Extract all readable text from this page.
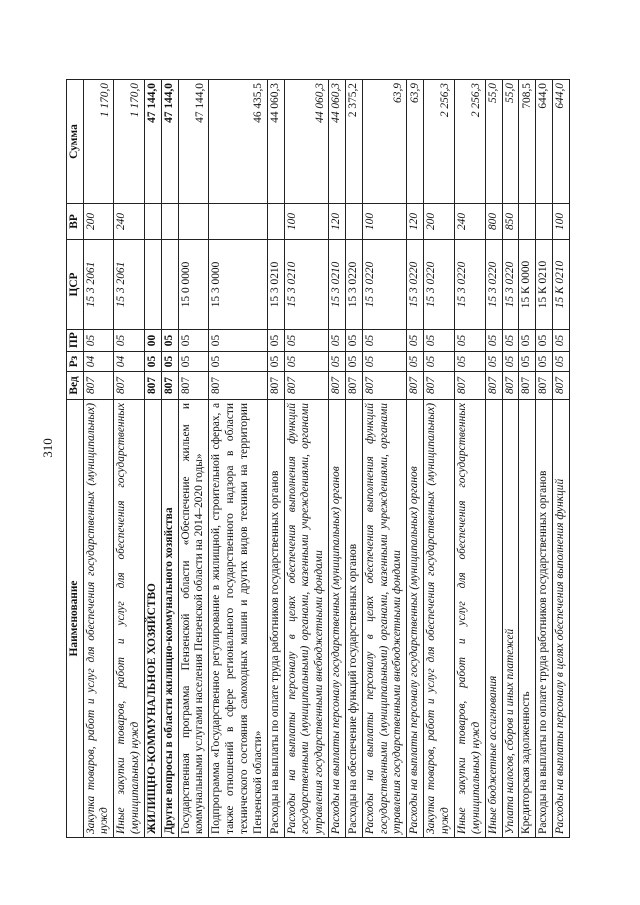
310
Наименование	Вед	Рз	ПР	ЦСР	ВР	Сумма
Закупка товаров, работ и услуг для обеспечения государственных (муниципальных) нужд	807	04	05	15 3 2061	200	1 170,0
Иные закупки товаров, работ и услуг для обеспечения государственных (муниципальных) нужд	807	04	05	15 3 2061	240	1 170,0
ЖИЛИЩНО-КОММУНАЛЬНОЕ ХОЗЯЙСТВО	807	05	00			47 144,0
Другие вопросы в области жилищно-коммунального хозяйства	807	05	05			47 144,0
Государственная программа Пензенской области «Обеспечение жильем и коммунальными услугами населения Пензенской области на 2014–2020 годы»	807	05	05	15 0 0000		47 144,0
Подпрограмма «Государственное регулирование в жилищной, строительной сферах, а также отношений в сфере регионального государственного надзора в области технического состояния самоходных машин и других видов техники на территории Пензенской области»	807	05	05	15 3 0000		46 435,5
Расходы на выплаты по оплате труда работников государственных органов	807	05	05	15 3 0210		44 060,3
Расходы на выплаты персоналу в целях обеспечения выполнения функций государственными (муниципальными) органами, казенными учреждениями, органами управления государственными внебюджетными фондами	807	05	05	15 3 0210	100	44 060,3
Расходы на выплаты персоналу государственных (муниципальных) органов	807	05	05	15 3 0210	120	44 060,3
Расходы на обеспечение функций государственных органов	807	05	05	15 3 0220		2 375,2
Расходы на выплаты персоналу в целях обеспечения выполнения функций государственными (муниципальными) органами, казенными учреждениями, органами управления государственными внебюджетными фондами	807	05	05	15 3 0220	100	63,9
Расходы на выплаты персоналу государственных (муниципальных) органов	807	05	05	15 3 0220	120	63,9
Закупка товаров, работ и услуг для обеспечения государственных (муниципальных) нужд	807	05	05	15 3 0220	200	2 256,3
Иные закупки товаров, работ и услуг для обеспечения государственных (муниципальных) нужд	807	05	05	15 3 0220	240	2 256,3
Иные бюджетные ассигнования	807	05	05	15 3 0220	800	55,0
Уплата налогов, сборов и иных платежей	807	05	05	15 3 0220	850	55,0
Кредиторская задолженность	807	05	05	15 К 0000		708,5
Расходы на выплаты по оплате труда работников государственных органов	807	05	05	15 К 0210		644,0
Расходы на выплаты персоналу в целях обеспечения выполнения функций	807	05	05	15 К 0210	100	644,0
